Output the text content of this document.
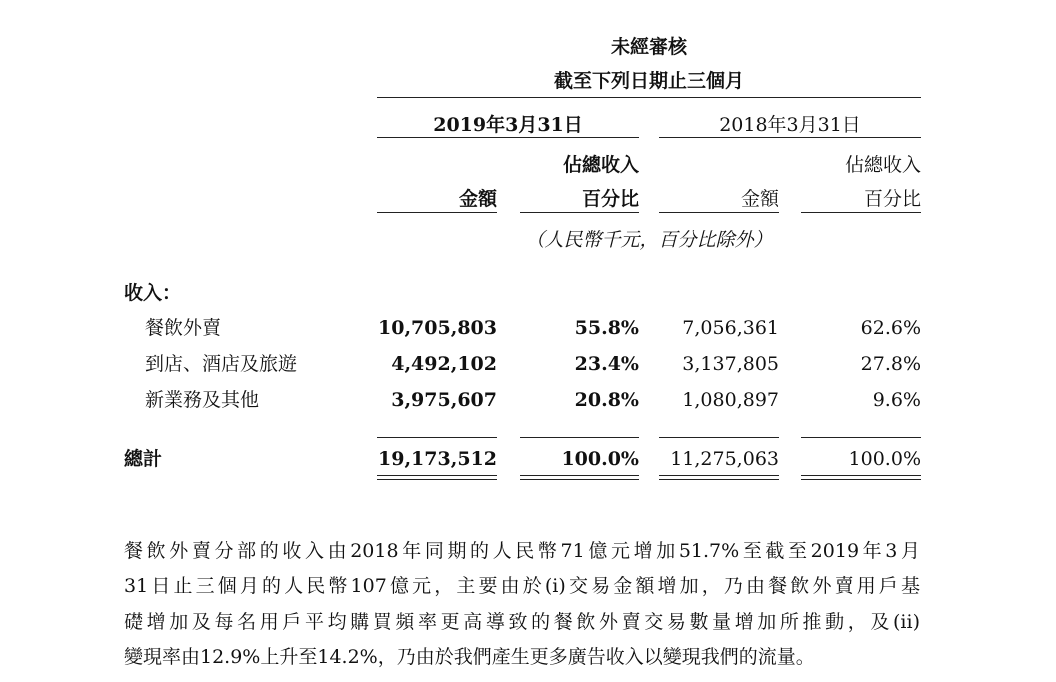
未經審核
截至下列日期止三個月
2019年3月31日	2018年3月31日
佔總收入	佔總收入
金額	百分比	金額	百分比
（人民幣千元，百分比除外）
收入：
餐飲外賣	10,705,803	55.8%	7,056,361	62.6%
到店、酒店及旅遊	4,492,102	23.4%	3,137,805	27.8%
新業務及其他	3,975,607	20.8%	1,080,897	9.6%
總計	19,173,512	100.0%	11,275,063	100.0%
餐飲外賣分部的收入由2018年同期的人民幣71億元增加51.7%至截至2019年3月
31日止三個月的人民幣107億元，主要由於(i)交易金額增加，乃由餐飲外賣用戶基
礎增加及每名用戶平均購買頻率更高導致的餐飲外賣交易數量增加所推動，及(ii)
變現率由12.9%上升至14.2%，乃由於我們產生更多廣告收入以變現我們的流量。
